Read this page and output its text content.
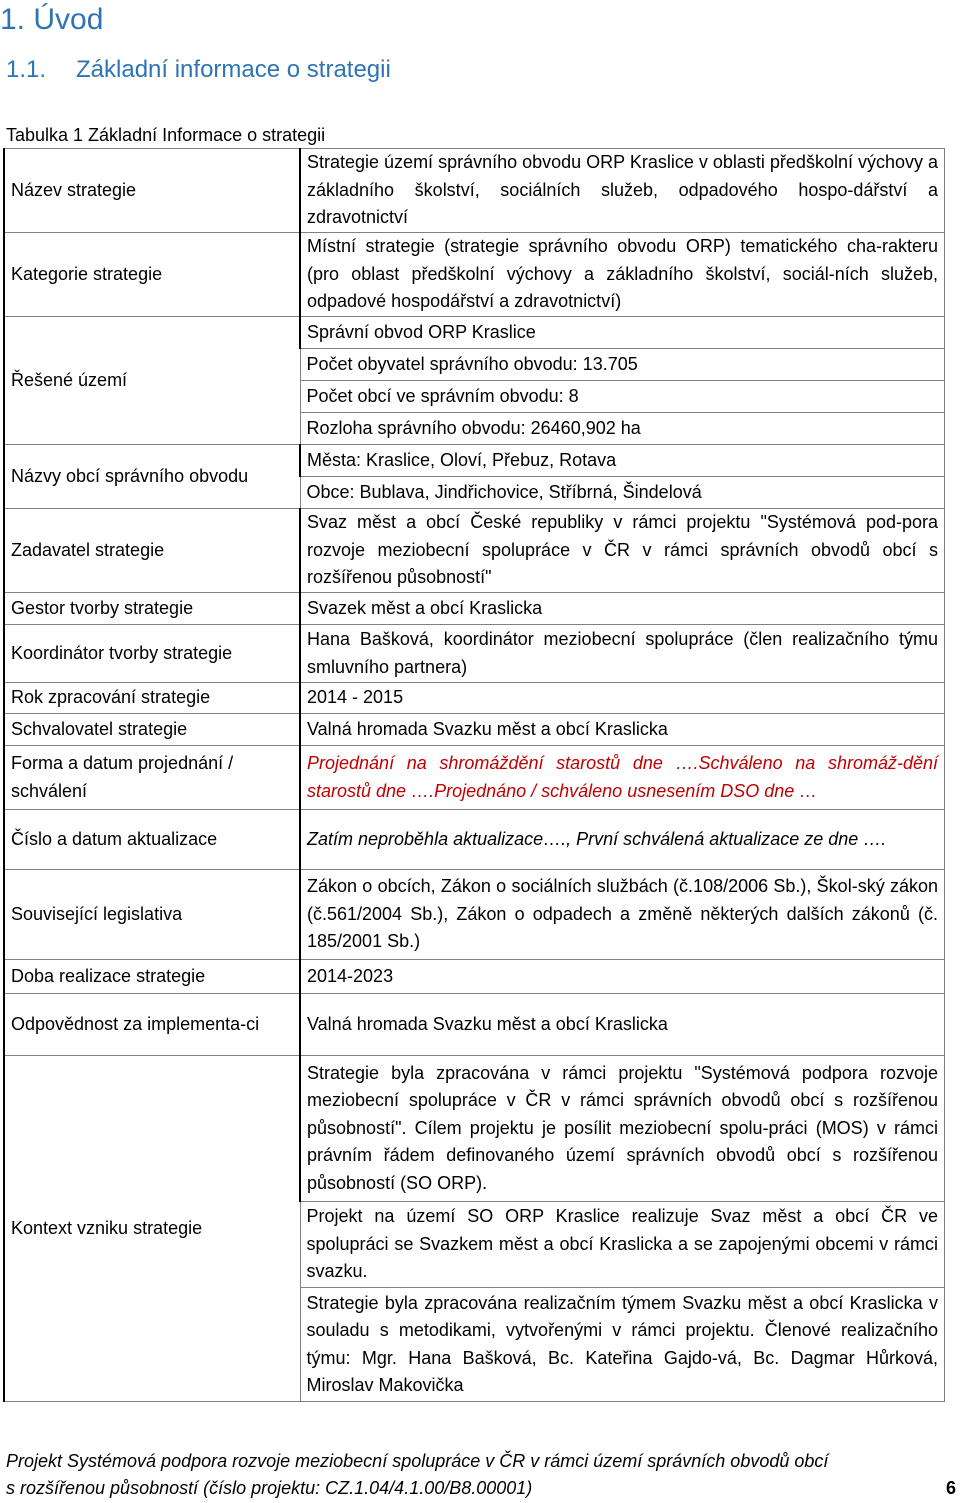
1. Úvod
1.1. Základní informace o strategii
Tabulka 1 Základní Informace o strategii
Název strategie	Strategie území správního obvodu ORP Kraslice v oblasti předškolní výchovy a základního školství, sociálních služeb, odpadového hospo-dářství a zdravotnictví
Kategorie strategie	Místní strategie (strategie správního obvodu ORP) tematického cha-rakteru (pro oblast předškolní výchovy a základního školství, sociál-ních služeb, odpadové hospodářství a zdravotnictví)
Řešené území	Správní obvod ORP Kraslice
	Počet obyvatel správního obvodu: 13.705
	Počet obcí ve správním obvodu: 8
	Rozloha správního obvodu: 26460,902 ha
Názvy obcí správního obvodu	Města: Kraslice, Oloví, Přebuz, Rotava
	Obce: Bublava, Jindřichovice, Stříbrná, Šindelová
Zadavatel strategie	Svaz měst a obcí České republiky v rámci projektu "Systémová pod-pora rozvoje meziobecní spolupráce v ČR v rámci správních obvodů obcí s rozšířenou působností"
Gestor tvorby strategie	Svazek měst a obcí Kraslicka
Koordinátor tvorby strategie	Hana Bašková, koordinátor meziobecní spolupráce (člen realizačního týmu smluvního partnera)
Rok zpracování strategie	2014 - 2015
Schvalovatel strategie	Valná hromada Svazku měst a obcí Kraslicka
Forma a datum projednání / schválení	Projednání na shromáždění starostů dne ….Schváleno na shromáž-dění starostů dne ….Projednáno / schváleno usnesením DSO dne …
Číslo a datum aktualizace	Zatím neproběhla aktualizace…., První schválená aktualizace ze dne ….
Související legislativa	Zákon o obcích, Zákon o sociálních službách (č.108/2006 Sb.), Škol-ský zákon (č.561/2004 Sb.), Zákon o odpadech a změně některých dalších zákonů (č. 185/2001 Sb.)
Doba realizace strategie	2014-2023
Odpovědnost za implementa-ci	Valná hromada Svazku měst a obcí Kraslicka
Kontext vzniku strategie	Strategie byla zpracována v rámci projektu "Systémová podpora rozvoje meziobecní spolupráce v ČR v rámci správních obvodů obcí s rozšířenou působností". Cílem projektu je posílit meziobecní spolu-práci (MOS) v rámci právním řádem definovaného území správních obvodů obcí s rozšířenou působností (SO ORP).
	Projekt na území SO ORP Kraslice realizuje Svaz měst a obcí ČR ve spolupráci se Svazkem měst a obcí Kraslicka a se zapojenými obcemi v rámci svazku.
	Strategie byla zpracována realizačním týmem Svazku měst a obcí Kraslicka v souladu s metodikami, vytvořenými v rámci projektu. Členové realizačního týmu: Mgr. Hana Bašková, Bc. Kateřina Gajdo-vá, Bc. Dagmar Hůrková, Miroslav Makovička
Projekt Systémová podpora rozvoje meziobecní spolupráce v ČR v rámci území správních obvodů obcí
s rozšířenou působností (číslo projektu: CZ.1.04/4.1.00/B8.00001)	6
